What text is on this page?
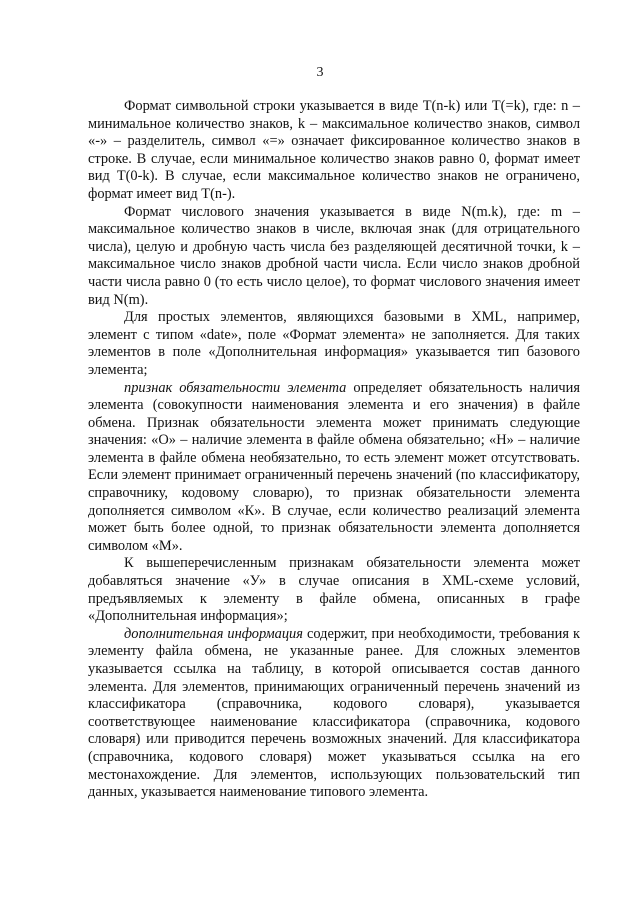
3

Формат символьной строки указывается в виде T(n-k) или T(=k), где: n – минимальное количество знаков, k – максимальное количество знаков, символ «-» – разделитель, символ «=» означает фиксированное количество знаков в строке. В случае, если минимальное количество знаков равно 0, формат имеет вид T(0-k). В случае, если максимальное количество знаков не ограничено, формат имеет вид T(n-).

Формат числового значения указывается в виде N(m.k), где: m – максимальное количество знаков в числе, включая знак (для отрицательного числа), целую и дробную часть числа без разделяющей десятичной точки, k – максимальное число знаков дробной части числа. Если число знаков дробной части числа равно 0 (то есть число целое), то формат числового значения имеет вид N(m).

Для простых элементов, являющихся базовыми в XML, например, элемент с типом «date», поле «Формат элемента» не заполняется. Для таких элементов в поле «Дополнительная информация» указывается тип базового элемента;

признак обязательности элемента определяет обязательность наличия элемента (совокупности наименования элемента и его значения) в файле обмена. Признак обязательности элемента может принимать следующие значения: «О» – наличие элемента в файле обмена обязательно; «Н» – наличие элемента в файле обмена необязательно, то есть элемент может отсутствовать. Если элемент принимает ограниченный перечень значений (по классификатору, справочнику, кодовому словарю), то признак обязательности элемента дополняется символом «К». В случае, если количество реализаций элемента может быть более одной, то признак обязательности элемента дополняется символом «М».

К вышеперечисленным признакам обязательности элемента может добавляться значение «У» в случае описания в XML-схеме условий, предъявляемых к элементу в файле обмена, описанных в графе «Дополнительная информация»;

дополнительная информация содержит, при необходимости, требования к элементу файла обмена, не указанные ранее. Для сложных элементов указывается ссылка на таблицу, в которой описывается состав данного элемента. Для элементов, принимающих ограниченный перечень значений из классификатора (справочника, кодового словаря), указывается соответствующее наименование классификатора (справочника, кодового словаря) или приводится перечень возможных значений. Для классификатора (справочника, кодового словаря) может указываться ссылка на его местонахождение. Для элементов, использующих пользовательский тип данных, указывается наименование типового элемента.
